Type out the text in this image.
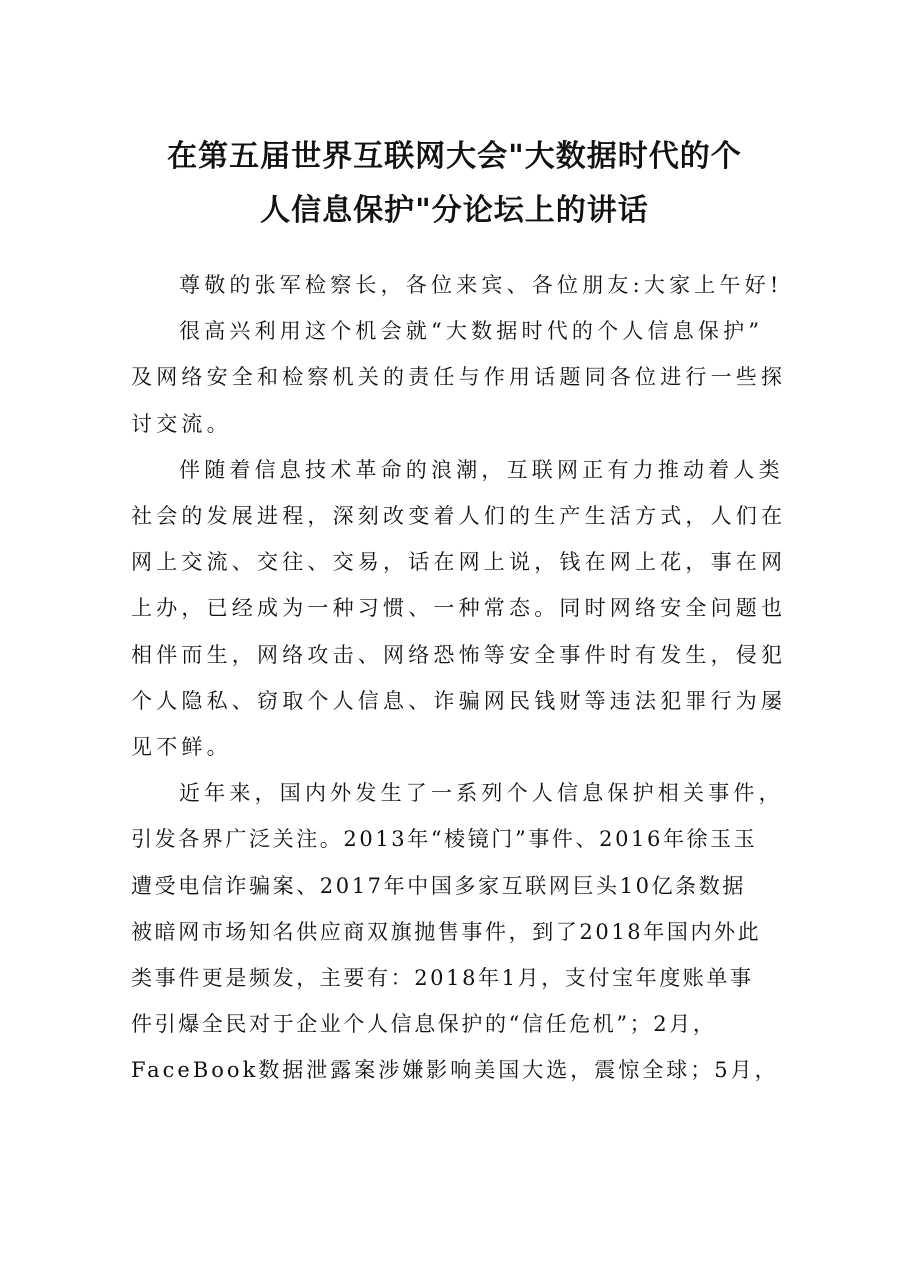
在第五届世界互联网大会"大数据时代的个
人信息保护"分论坛上的讲话

尊敬的张军检察长，各位来宾、各位朋友:大家上午好!

很高兴利用这个机会就“大数据时代的个人信息保护”
及网络安全和检察机关的责任与作用话题同各位进行一些探
讨交流。

伴随着信息技术革命的浪潮，互联网正有力推动着人类
社会的发展进程，深刻改变着人们的生产生活方式，人们在
网上交流、交往、交易，话在网上说，钱在网上花，事在网
上办，已经成为一种习惯、一种常态。同时网络安全问题也
相伴而生，网络攻击、网络恐怖等安全事件时有发生，侵犯
个人隐私、窃取个人信息、诈骗网民钱财等违法犯罪行为屡
见不鲜。

近年来，国内外发生了一系列个人信息保护相关事件，
引发各界广泛关注。2013年“棱镜门”事件、2016年徐玉玉
遭受电信诈骗案、2017年中国多家互联网巨头10亿条数据
被暗网市场知名供应商双旗抛售事件，到了2018年国内外此
类事件更是频发，主要有：2018年1月，支付宝年度账单事
件引爆全民对于企业个人信息保护的“信任危机”；2月，
FaceBook数据泄露案涉嫌影响美国大选，震惊全球；5月，
